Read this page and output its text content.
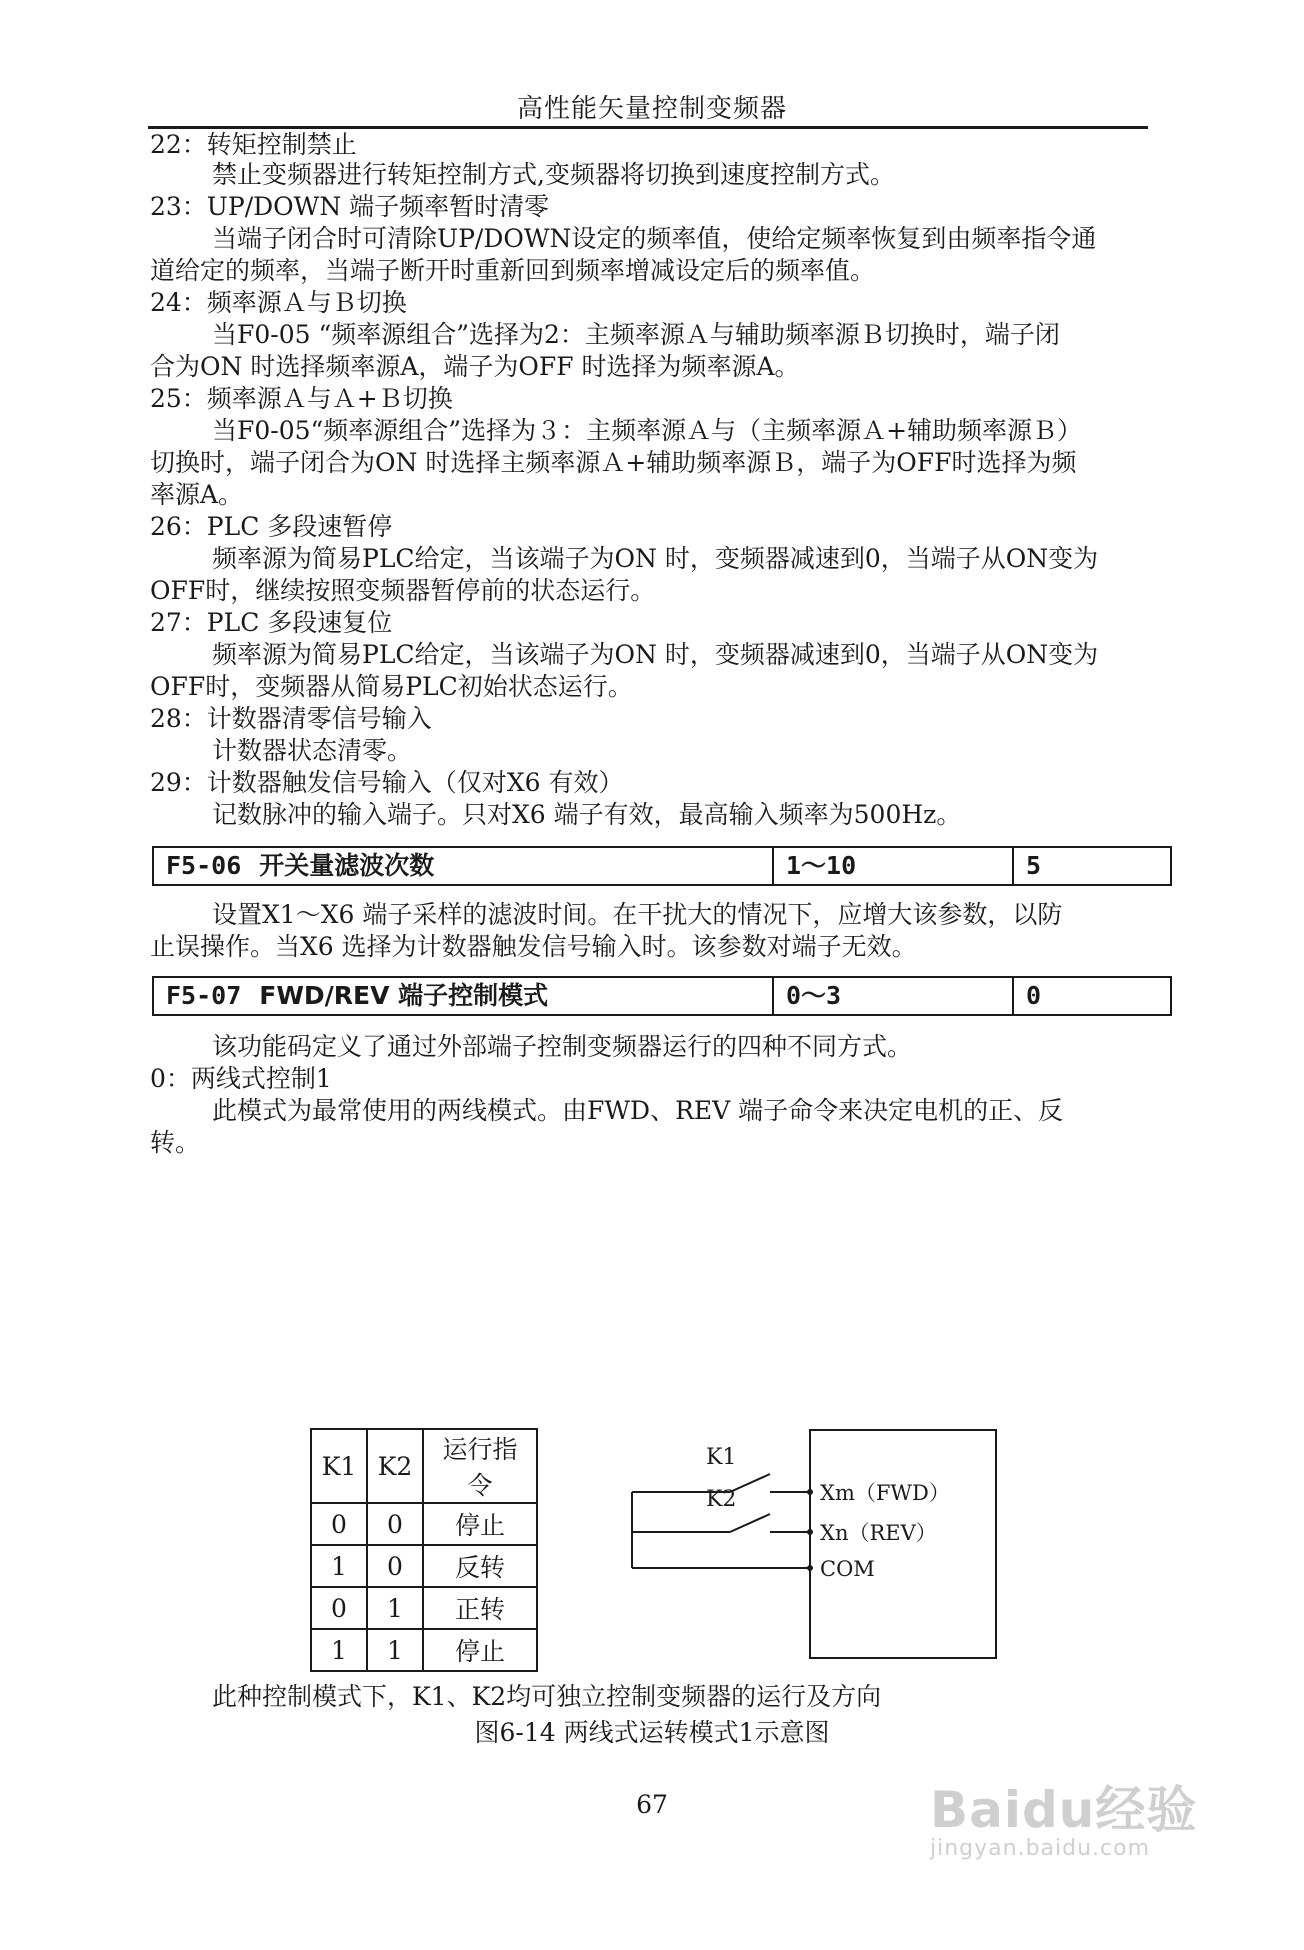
高性能矢量控制变频器
22：转矩控制禁止
禁止变频器进行转矩控制方式,变频器将切换到速度控制方式。
23：UP/DOWN 端子频率暂时清零
当端子闭合时可清除UP/DOWN设定的频率值，使给定频率恢复到由频率指令通
道给定的频率，当端子断开时重新回到频率增减设定后的频率值。
24：频率源Ａ与Ｂ切换
当F0-05 “频率源组合”选择为2：主频率源Ａ与辅助频率源Ｂ切换时，端子闭
合为ON 时选择频率源A，端子为OFF 时选择为频率源A。
25：频率源Ａ与Ａ+Ｂ切换
当F0-05“频率源组合”选择为３：主频率源Ａ与（主频率源Ａ+辅助频率源Ｂ）
切换时，端子闭合为ON 时选择主频率源Ａ+辅助频率源Ｂ，端子为OFF时选择为频
率源A。
26：PLC 多段速暂停
频率源为简易PLC给定，当该端子为ON 时，变频器减速到0，当端子从ON变为
OFF时，继续按照变频器暂停前的状态运行。
27：PLC 多段速复位
频率源为简易PLC给定，当该端子为ON 时，变频器减速到0，当端子从ON变为
OFF时，变频器从简易PLC初始状态运行。
28：计数器清零信号输入
计数器状态清零。
29：计数器触发信号输入（仅对X6 有效）
记数脉冲的输入端子。只对X6 端子有效，最高输入频率为500Hz。
F5-06 开关量滤波次数	1～10	5
设置X1～X6 端子采样的滤波时间。在干扰大的情况下，应增大该参数，以防
止误操作。当X6 选择为计数器触发信号输入时。该参数对端子无效。
F5-07 FWD/REV 端子控制模式	0～3	0
该功能码定义了通过外部端子控制变频器运行的四种不同方式。
0：两线式控制1
此模式为最常使用的两线模式。由FWD、REV 端子命令来决定电机的正、反
转。
K1	K2	运行指令
0	0	停止
1	0	反转
0	1	正转
1	1	停止
K1
K2	Xm（FWD）
Xn（REV）
COM
此种控制模式下，K1、K2均可独立控制变频器的运行及方向
图6-14 两线式运转模式1示意图
67	Baidu经验
jingyan.baidu.com
